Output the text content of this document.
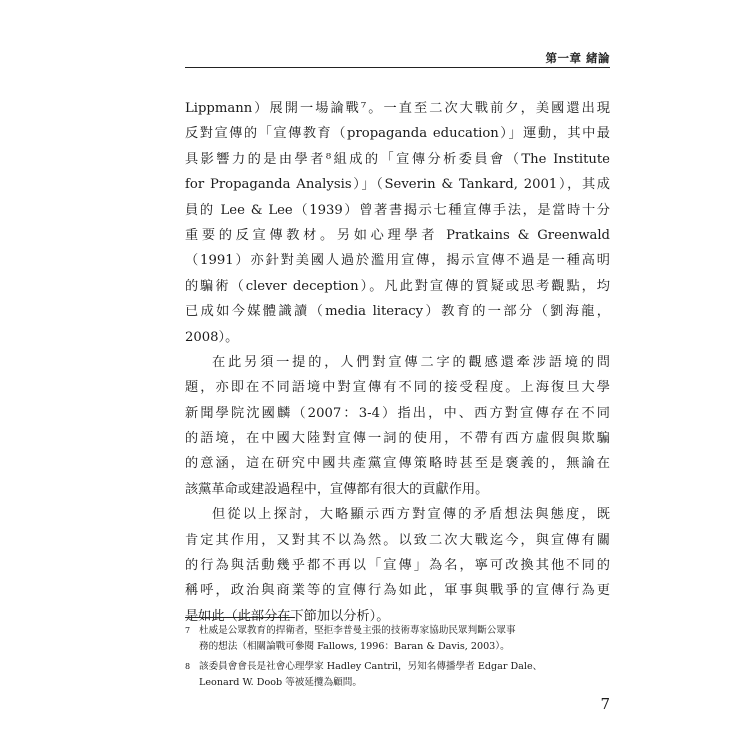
第一章 緒論
Lippmann）展開一場論戰⁷。一直至二次大戰前夕，美國還出現
反對宣傳的「宣傳教育（propaganda education）」運動，其中最
具影響力的是由學者⁸組成的「宣傳分析委員會（The Institute
for Propaganda Analysis）」（Severin & Tankard, 2001），其成
員的 Lee & Lee（1939）曾著書揭示七種宣傳手法，是當時十分
重要的反宣傳教材。另如心理學者 Pratkains & Greenwald
（1991）亦針對美國人過於濫用宣傳，揭示宣傳不過是一種高明
的騙術（clever deception）。凡此對宣傳的質疑或思考觀點，均
已成如今媒體識讀（media literacy）教育的一部分（劉海龍，
2008）。
在此另須一提的，人們對宣傳二字的觀感還牽涉語境的問
題，亦即在不同語境中對宣傳有不同的接受程度。上海復旦大學
新聞學院沈國麟（2007：3-4）指出，中、西方對宣傳存在不同
的語境，在中國大陸對宣傳一詞的使用，不帶有西方虛假與欺騙
的意涵，這在研究中國共產黨宣傳策略時甚至是褒義的，無論在
該黨革命或建設過程中，宣傳都有很大的貢獻作用。
但從以上探討，大略顯示西方對宣傳的矛盾想法與態度，既
肯定其作用，又對其不以為然。以致二次大戰迄今，與宣傳有關
的行為與活動幾乎都不再以「宣傳」為名，寧可改換其他不同的
稱呼，政治與商業等的宣傳行為如此，軍事與戰爭的宣傳行為更
是如此（此部分在下節加以分析）。
7 杜威是公眾教育的捍衛者，堅拒李普曼主張的技術專家協助民眾判斷公眾事
務的想法（相關論戰可參閱 Fallows, 1996：Baran & Davis, 2003）。
8 該委員會會長是社會心理學家 Hadley Cantril，另知名傳播學者 Edgar Dale、
Leonard W. Doob 等被延攬為顧問。
7
